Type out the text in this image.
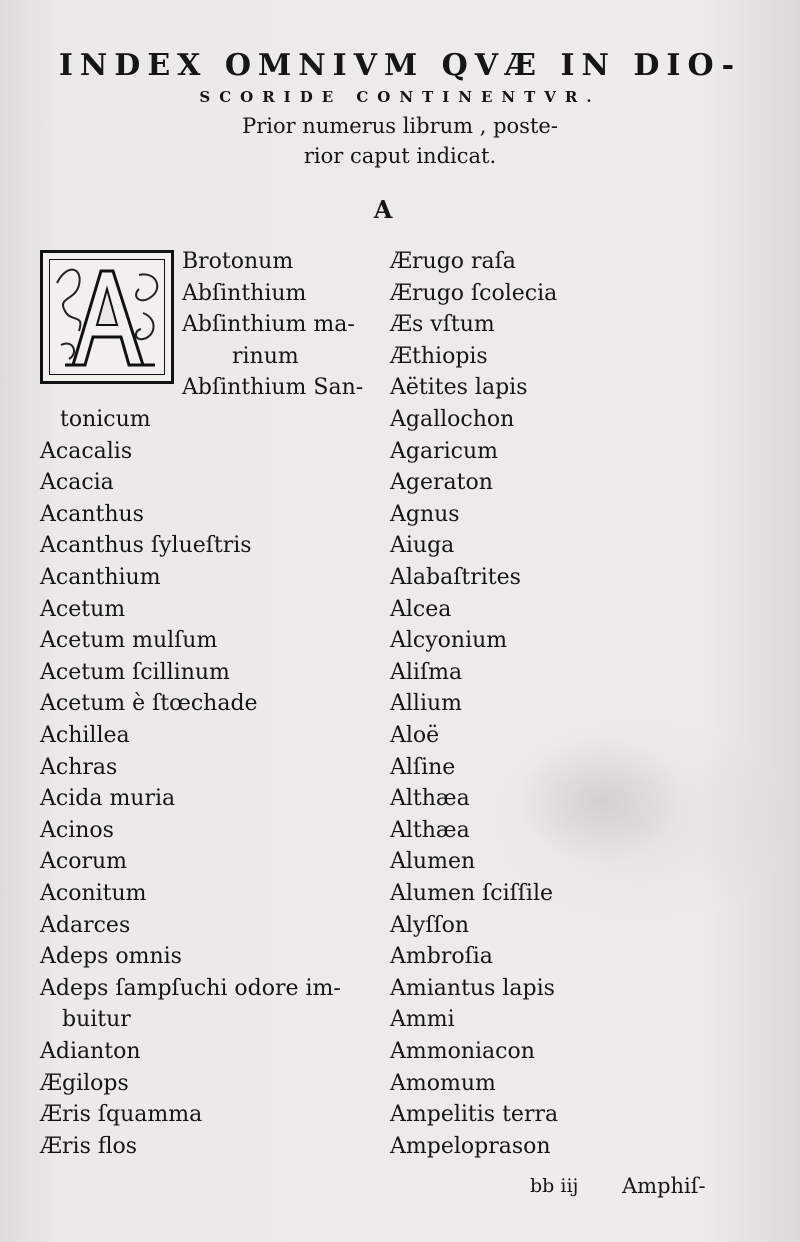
INDEX OMNIVM QVÆ IN DIO-
SCORIDE CONTINENTVR.
Prior numerus librum , poste-
rior caput indicat.
A
Brotonum
Abſinthium
Abſinthium ma-
rinum
Abſinthium San-
tonicum
Acacalis
Acacia
Acanthus
Acanthus ſylueſtris
Acanthium
Acetum
Acetum mulſum
Acetum ſcillinum
Acetum è ſtœchade
Achillea
Achras
Acida muria
Acinos
Acorum
Aconitum
Adarces
Adeps omnis
Adeps ſampſuchi odore im-
buitur
Adianton
Ægilops
Æris ſquamma
Æris flos
Ærugo raſa
Ærugo ſcolecia
Æs vſtum
Æthiopis
Aëtites lapis
Agallochon
Agaricum
Ageraton
Agnus
Aiuga
Alabaſtrites
Alcea
Alcyonium
Aliſma
Allium
Aloë
Alſine
Althæa
Althæa
Alumen
Alumen ſciſſile
Alyſſon
Ambroſia
Amiantus lapis
Ammi
Ammoniacon
Amomum
Ampelitis terra
Ampeloprason
bb iij Amphiſ-
